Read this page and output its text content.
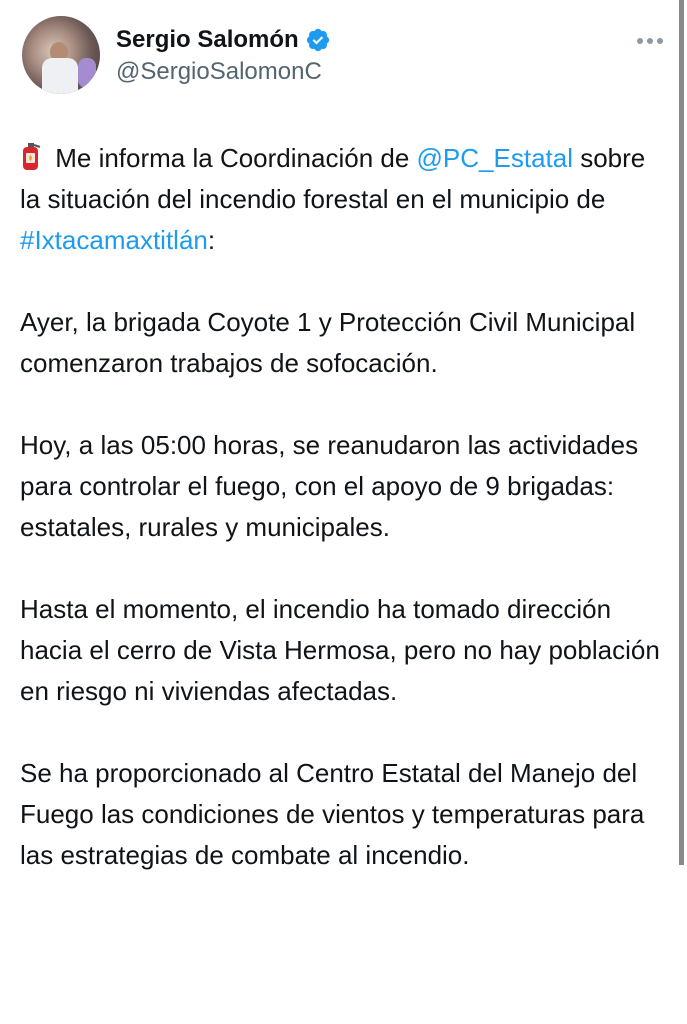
Sergio Salomón
@SergioSalomonC

Me informa la Coordinación de @PC_Estatal sobre la situación del incendio forestal en el municipio de #Ixtacamaxtitlán:

Ayer, la brigada Coyote 1 y Protección Civil Municipal comenzaron trabajos de sofocación.

Hoy, a las 05:00 horas, se reanudaron las actividades para controlar el fuego, con el apoyo de 9 brigadas: estatales, rurales y municipales.

Hasta el momento, el incendio ha tomado dirección hacia el cerro de Vista Hermosa, pero no hay población en riesgo ni viviendas afectadas.

Se ha proporcionado al Centro Estatal del Manejo del Fuego las condiciones de vientos y temperaturas para las estrategias de combate al incendio.
